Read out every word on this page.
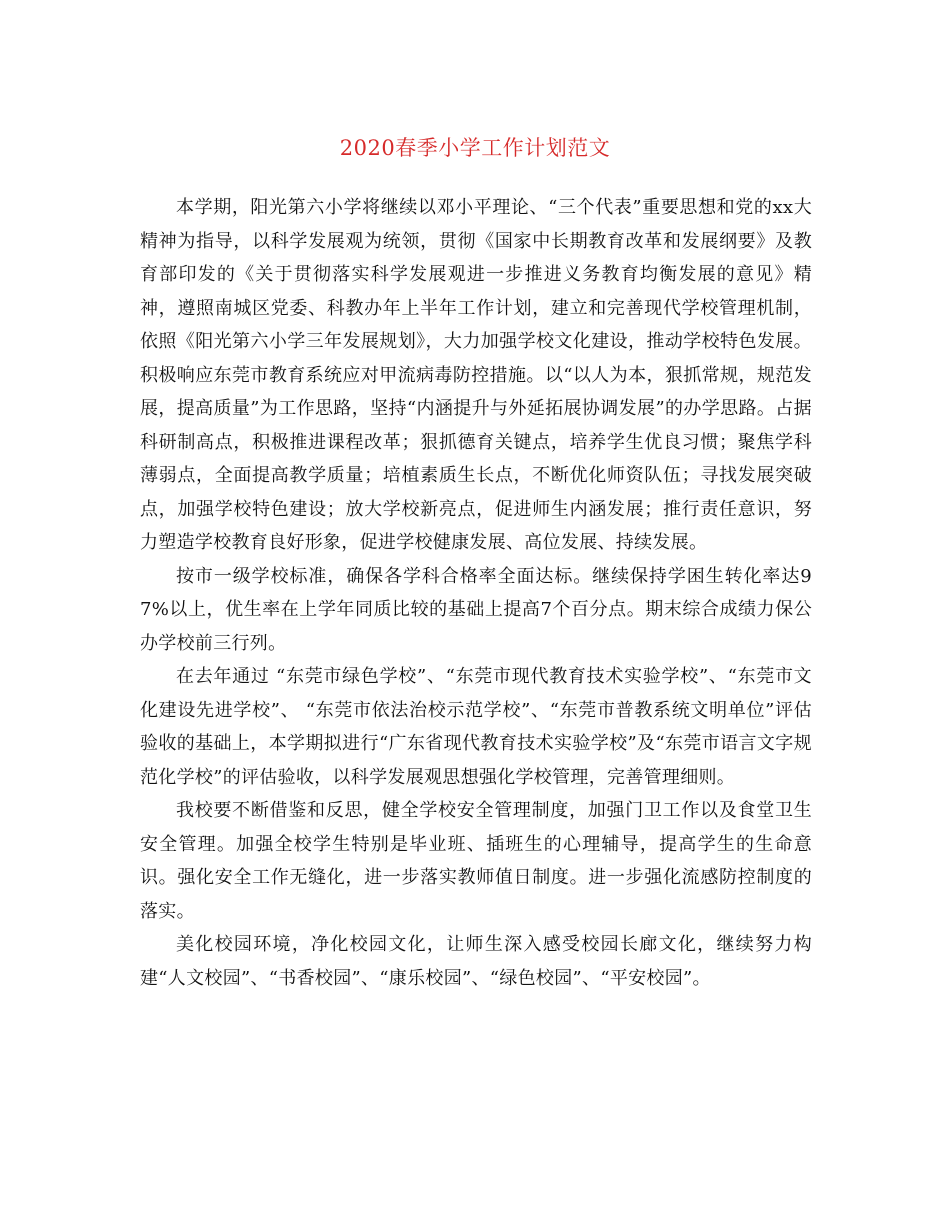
2020春季小学工作计划范文

本学期，阳光第六小学将继续以邓小平理论、“三个代表”重要思想和党的xx大精神为指导，以科学发展观为统领，贯彻《国家中长期教育改革和发展纲要》及教育部印发的《关于贯彻落实科学发展观进一步推进义务教育均衡发展的意见》精神，遵照南城区党委、科教办年上半年工作计划，建立和完善现代学校管理机制，依照《阳光第六小学三年发展规划》，大力加强学校文化建设，推动学校特色发展。积极响应东莞市教育系统应对甲流病毒防控措施。以“以人为本，狠抓常规，规范发展，提高质量”为工作思路，坚持“内涵提升与外延拓展协调发展”的办学思路。占据科研制高点，积极推进课程改革；狠抓德育关键点，培养学生优良习惯；聚焦学科薄弱点，全面提高教学质量；培植素质生长点，不断优化师资队伍；寻找发展突破点，加强学校特色建设；放大学校新亮点，促进师生内涵发展；推行责任意识，努力塑造学校教育良好形象，促进学校健康发展、高位发展、持续发展。

按市一级学校标准，确保各学科合格率全面达标。继续保持学困生转化率达97%以上，优生率在上学年同质比较的基础上提高7个百分点。期末综合成绩力保公办学校前三行列。

在去年通过 “东莞市绿色学校”、“东莞市现代教育技术实验学校”、“东莞市文化建设先进学校”、 “东莞市依法治校示范学校”、“东莞市普教系统文明单位”评估验收的基础上，本学期拟进行“广东省现代教育技术实验学校”及“东莞市语言文字规范化学校”的评估验收，以科学发展观思想强化学校管理，完善管理细则。

我校要不断借鉴和反思，健全学校安全管理制度，加强门卫工作以及食堂卫生安全管理。加强全校学生特别是毕业班、插班生的心理辅导，提高学生的生命意识。强化安全工作无缝化，进一步落实教师值日制度。进一步强化流感防控制度的落实。

美化校园环境，净化校园文化，让师生深入感受校园长廊文化，继续努力构建“人文校园”、“书香校园”、“康乐校园”、“绿色校园”、“平安校园”。
